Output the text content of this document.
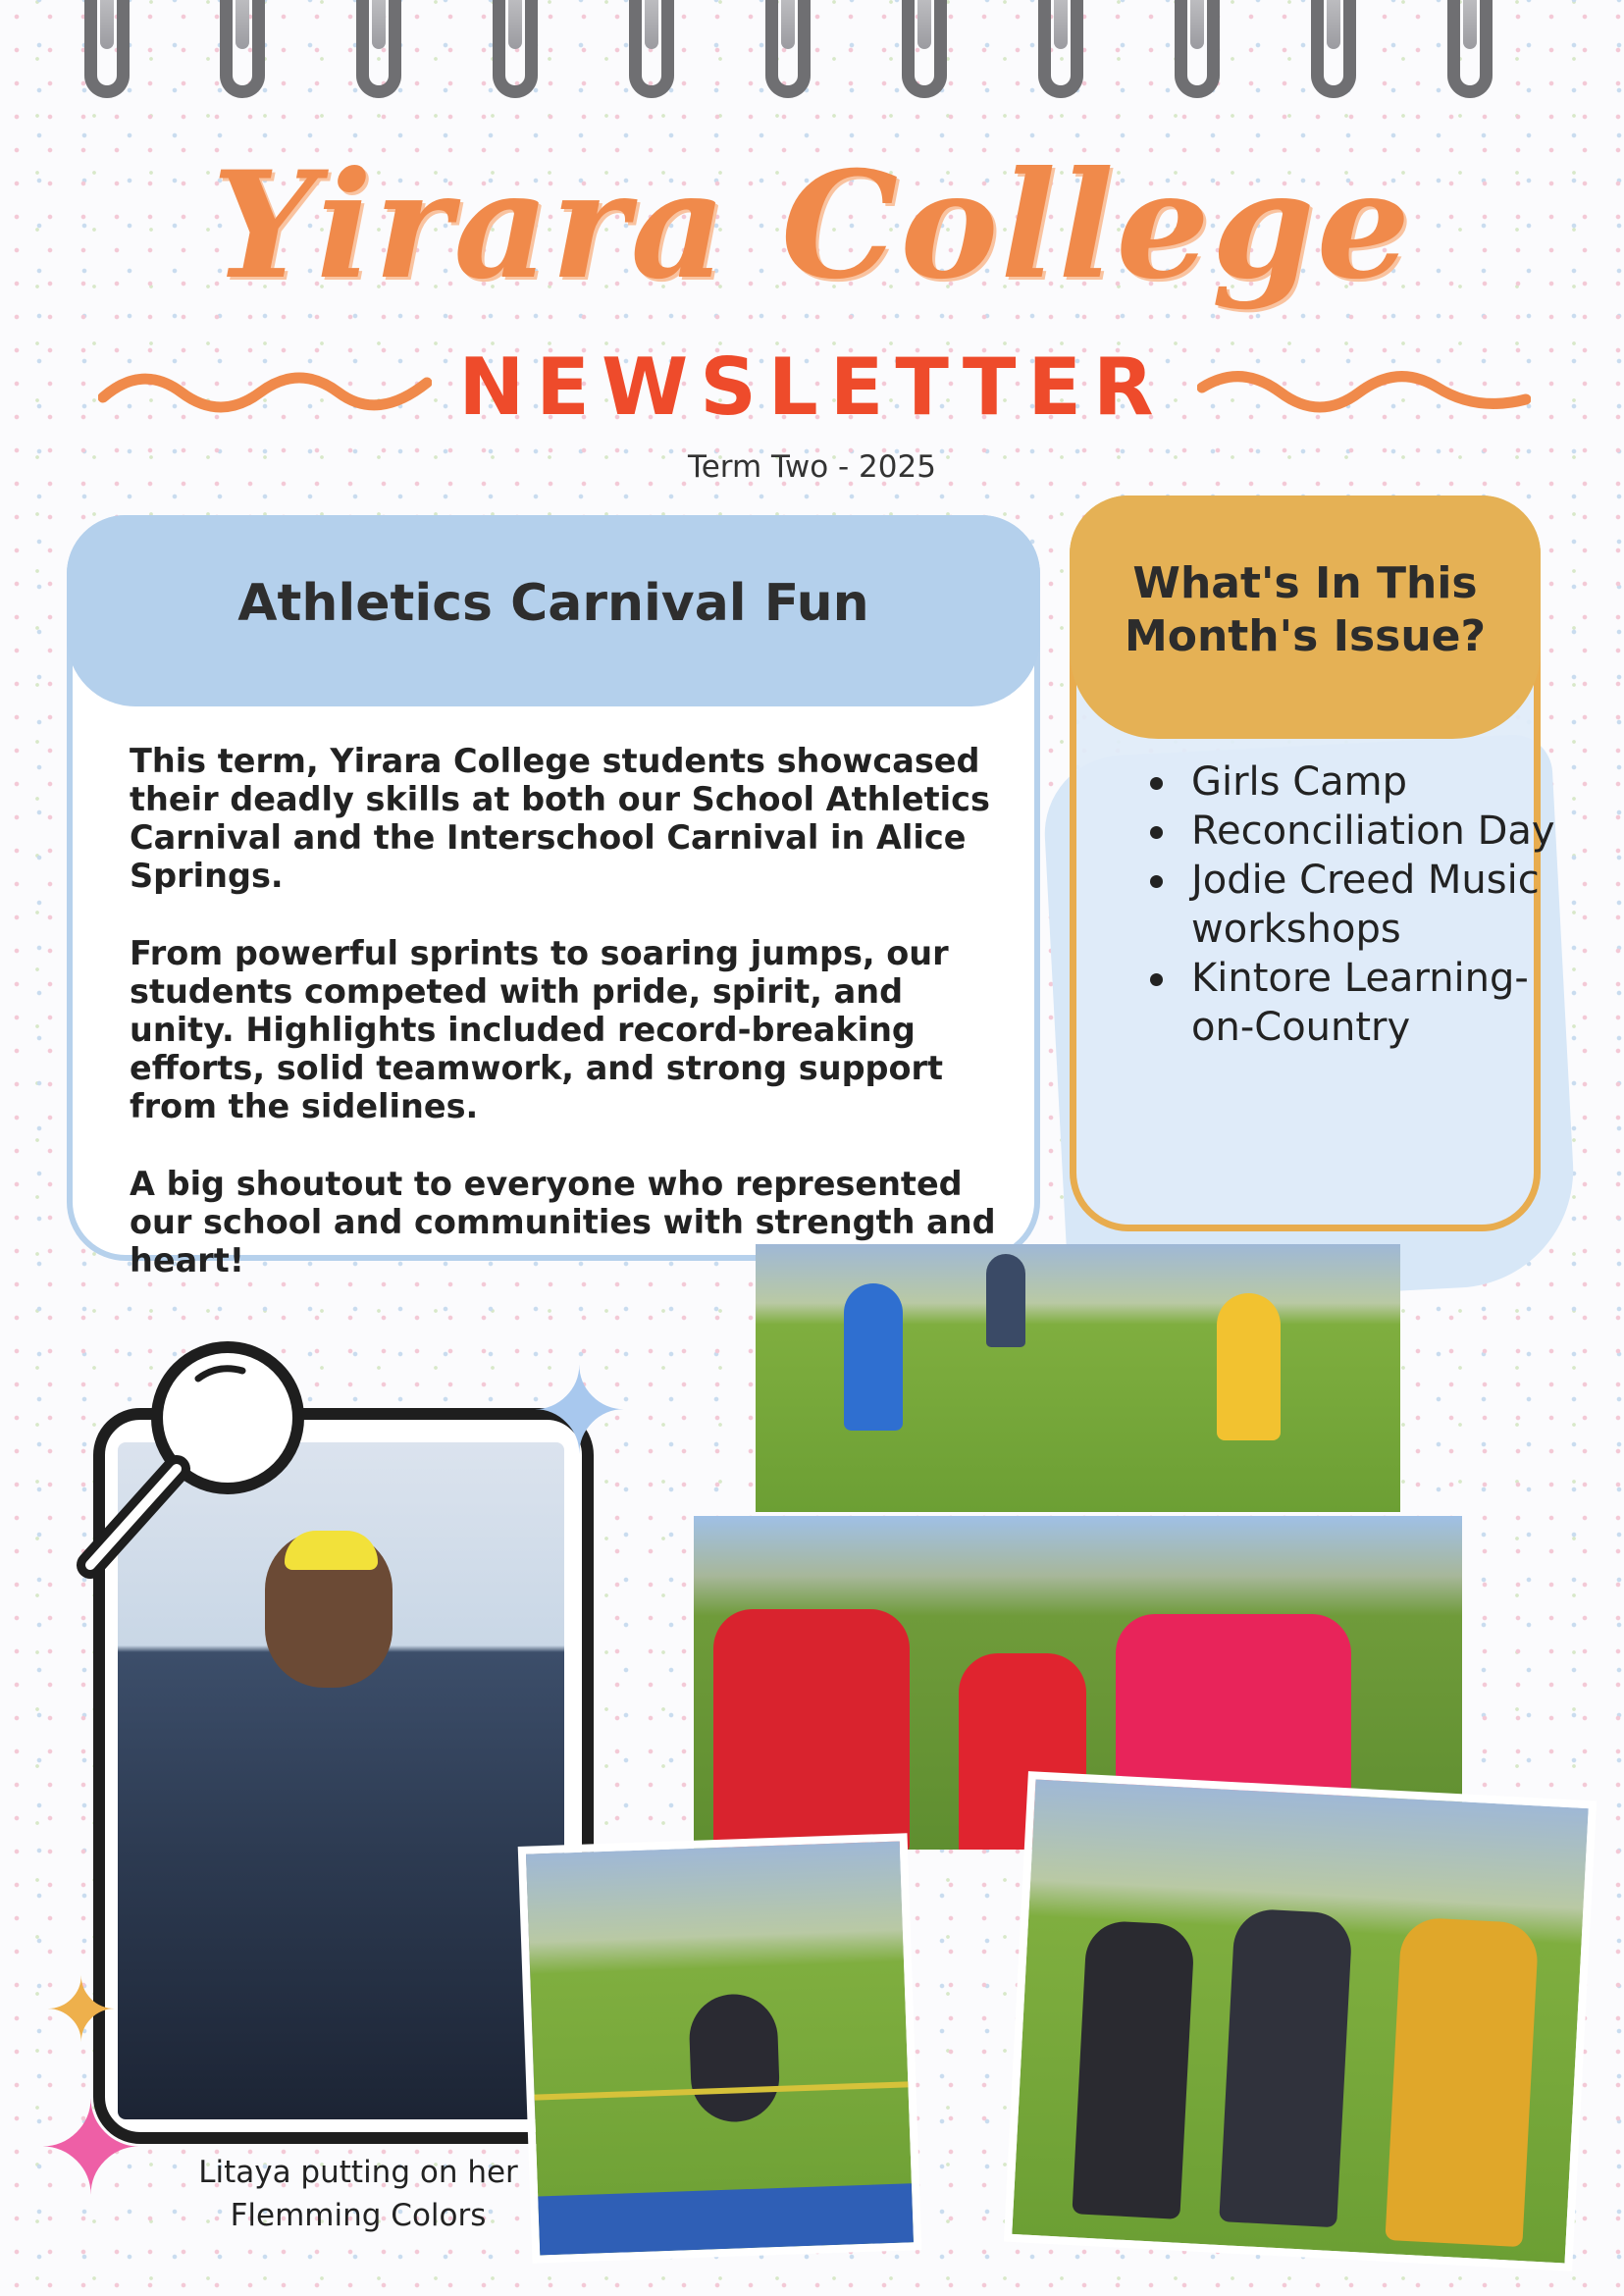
Yirara College
NEWSLETTER
Term Two - 2025
Athletics Carnival Fun

This term, Yirara College students showcased their deadly skills at both our School Athletics Carnival and the Interschool Carnival in Alice Springs.

From powerful sprints to soaring jumps, our students competed with pride, spirit, and unity. Highlights included record-breaking efforts, solid teamwork, and strong support from the sidelines.

A big shoutout to everyone who represented our school and communities with strength and heart!

What's In This Month's Issue?
Girls Camp
Reconciliation Day
Jodie Creed Music workshops
Kintore Learning-on-Country
✦
✦
✦	Litaya putting on her Flemming Colors
